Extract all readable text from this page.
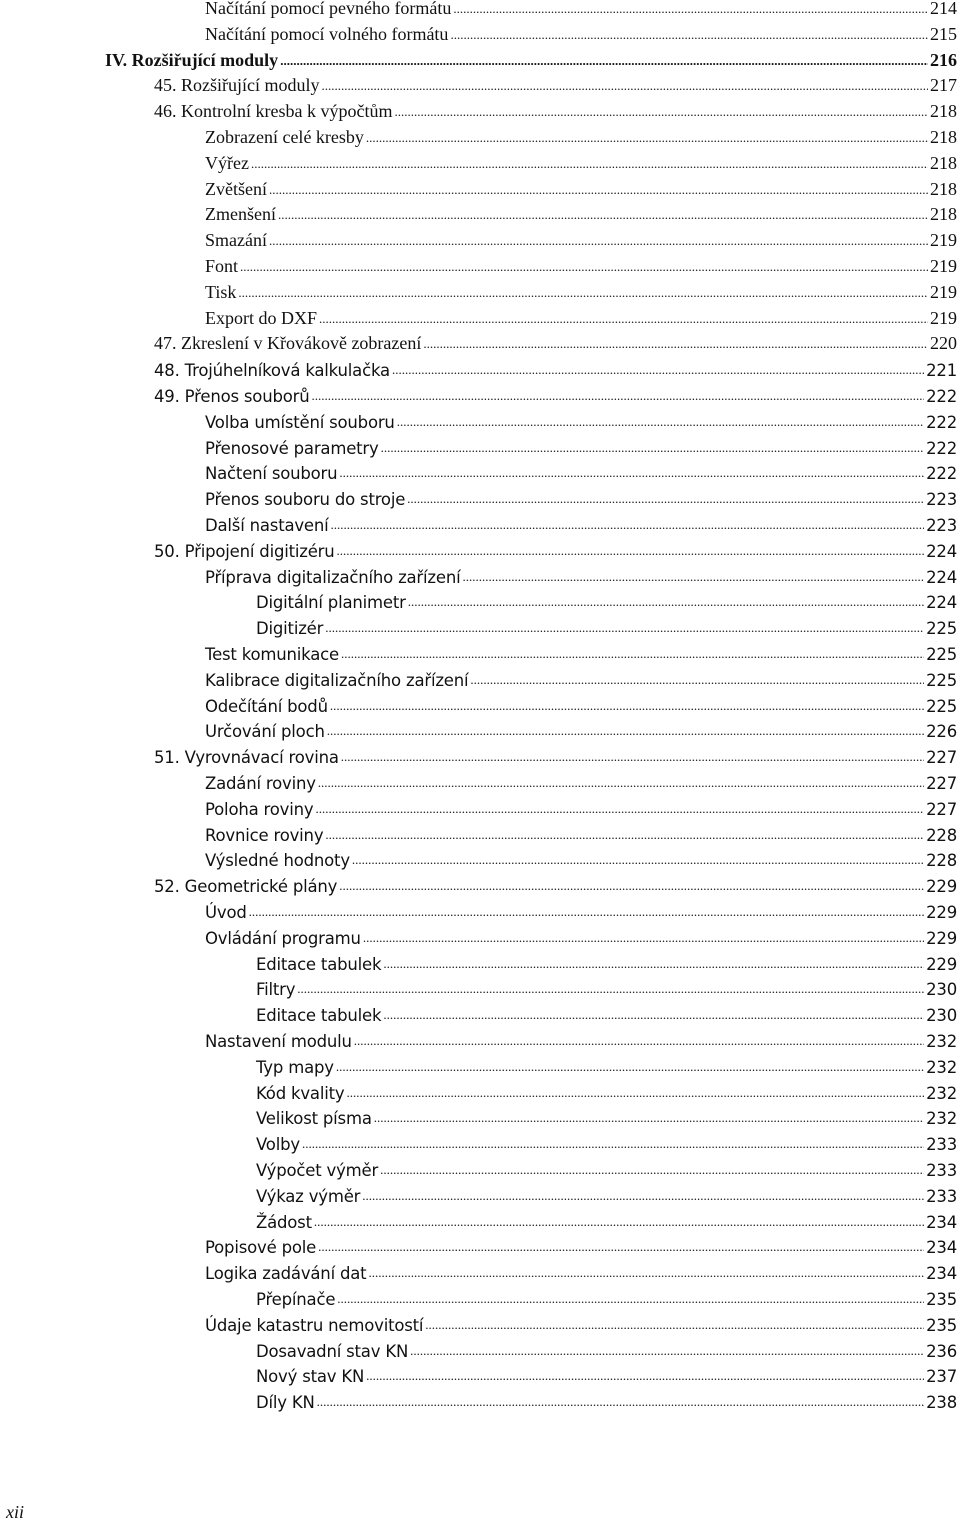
Načítání pomocí pevného formátu .....	214
Načítání pomocí volného formátu .....	215
IV. Rozšiřující moduly .....	216
45. Rozšiřující moduly .....	217
46. Kontrolní kresba k výpočtům .....	218
Zobrazení celé kresby .....	218
Výřez .....	218
Zvětšení .....	218
Zmenšení .....	218
Smazání .....	219
Font .....	219
Tisk .....	219
Export do DXF .....	219
47. Zkreslení v Křovákově zobrazení .....	220
48. Trojúhelníková kalkulačka .....	221
49. Přenos souborů .....	222
Volba umístění souboru .....	222
Přenosové parametry .....	222
Načtení souboru .....	222
Přenos souboru do stroje .....	223
Další nastavení .....	223
50. Připojení digitizéru .....	224
Příprava digitalizačního zařízení .....	224
Digitální planimetr .....	224
Digitizér .....	225
Test komunikace .....	225
Kalibrace digitalizačního zařízení .....	225
Odečítání bodů .....	225
Určování ploch .....	226
51. Vyrovnávací rovina .....	227
Zadání roviny .....	227
Poloha roviny .....	227
Rovnice roviny .....	228
Výsledné hodnoty .....	228
52. Geometrické plány .....	229
Úvod .....	229
Ovládání programu .....	229
Editace tabulek .....	229
Filtry .....	230
Editace tabulek .....	230
Nastavení modulu .....	232
Typ mapy .....	232
Kód kvality .....	232
Velikost písma .....	232
Volby .....	233
Výpočet výměr .....	233
Výkaz výměr .....	233
Žádost .....	234
Popisové pole .....	234
Logika zadávání dat .....	234
Přepínače .....	235
Údaje katastru nemovitostí .....	235
Dosavadní stav KN .....	236
Nový stav KN .....	237
Díly KN .....	238
xii
